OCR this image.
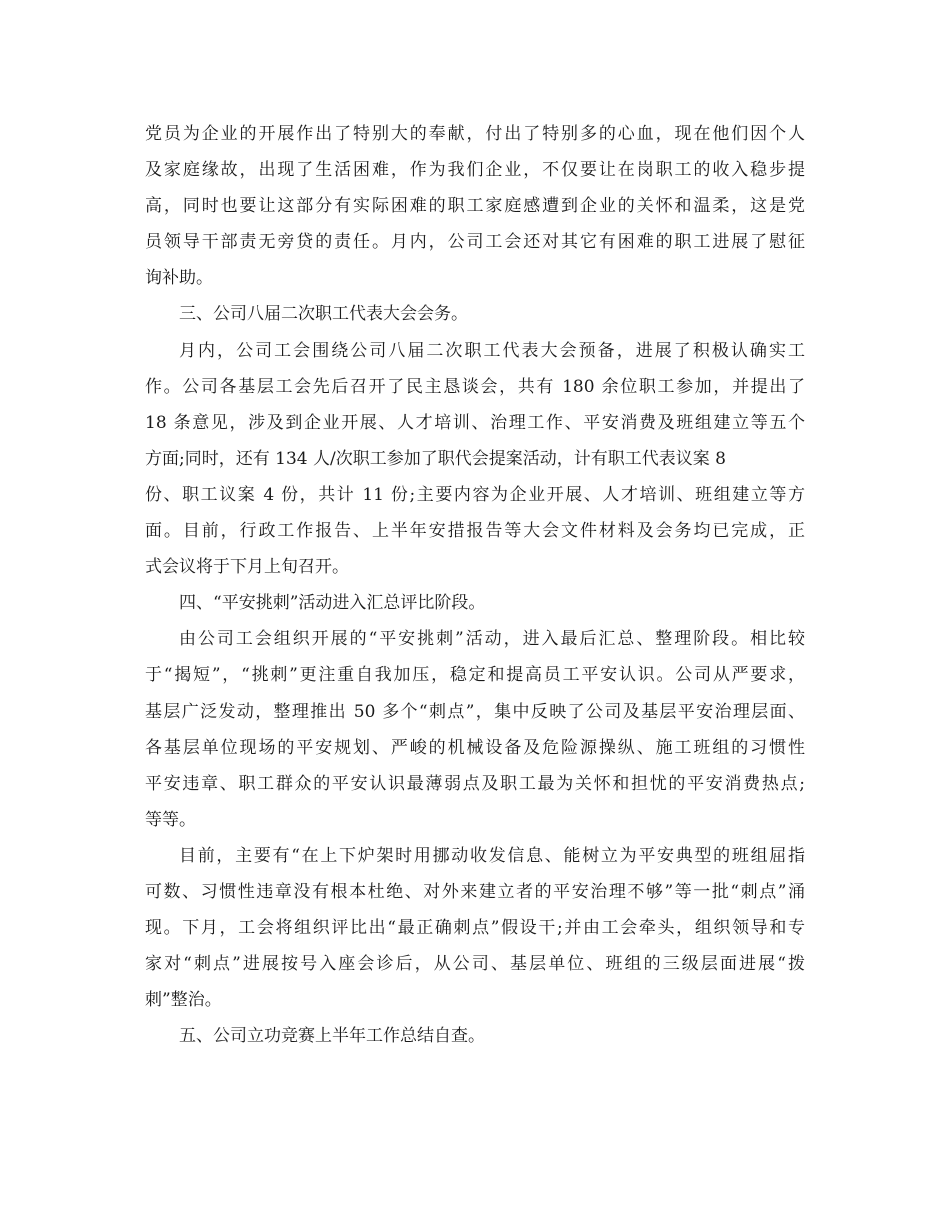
党员为企业的开展作出了特别大的奉献，付出了特别多的心血，现在他们因个人
及家庭缘故，出现了生活困难，作为我们企业，不仅要让在岗职工的收入稳步提
高，同时也要让这部分有实际困难的职工家庭感遭到企业的关怀和温柔，这是党
员领导干部责无旁贷的责任。月内，公司工会还对其它有困难的职工进展了慰征
询补助。
三、公司八届二次职工代表大会会务。
月内，公司工会围绕公司八届二次职工代表大会预备，进展了积极认确实工
作。公司各基层工会先后召开了民主恳谈会，共有 180 余位职工参加，并提出了
18 条意见，涉及到企业开展、人才培训、治理工作、平安消费及班组建立等五个
方面;同时，还有 134 人/次职工参加了职代会提案活动，计有职工代表议案 8
份、职工议案 4 份，共计 11 份;主要内容为企业开展、人才培训、班组建立等方
面。目前，行政工作报告、上半年安措报告等大会文件材料及会务均已完成，正
式会议将于下月上旬召开。
四、“平安挑刺”活动进入汇总评比阶段。
由公司工会组织开展的“平安挑刺”活动，进入最后汇总、整理阶段。相比较
于“揭短”，“挑刺”更注重自我加压，稳定和提高员工平安认识。公司从严要求，
基层广泛发动，整理推出 50 多个“刺点”，集中反映了公司及基层平安治理层面、
各基层单位现场的平安规划、严峻的机械设备及危险源操纵、施工班组的习惯性
平安违章、职工群众的平安认识最薄弱点及职工最为关怀和担忧的平安消费热点;
等等。
目前，主要有“在上下炉架时用挪动收发信息、能树立为平安典型的班组屈指
可数、习惯性违章没有根本杜绝、对外来建立者的平安治理不够”等一批“刺点”涌
现。下月，工会将组织评比出“最正确刺点”假设干;并由工会牵头，组织领导和专
家对“刺点”进展按号入座会诊后，从公司、基层单位、班组的三级层面进展“拨
刺”整治。
五、公司立功竞赛上半年工作总结自查。
